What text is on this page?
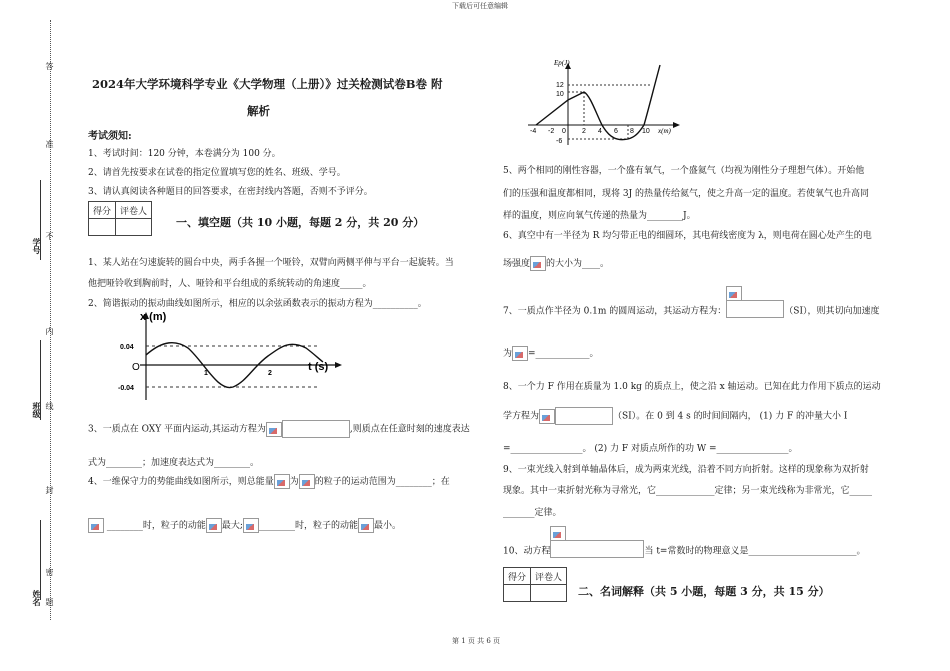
下载后可任意编辑
第 1 页 共 6 页
学号
班级
姓名
答
准
不
内
线
封
密
题
2024年大学环境科学专业《大学物理（上册）》过关检测试卷B卷 附
解析
考试须知:
1、考试时间：120 分钟，本卷满分为 100 分。
2、请首先按要求在试卷的指定位置填写您的姓名、班级、学号。
3、请认真阅读各种题目的回答要求，在密封线内答题，否则不予评分。
得分	评卷人

一、填空题（共 10 小题，每题 2 分，共 20 分）
1、某人站在匀速旋转的圆台中央，两手各握一个哑铃，双臂向两侧平伸与平台一起旋转。当
他把哑铃收到胸前时，人、哑铃和平台组成的系统转动的角速度_____。
2、简谐振动的振动曲线如图所示，相应的以余弦函数表示的振动方程为__________。
x (m)
t (s)
O
0.04
-0.04
1	2
3、一质点在 OXY 平面内运动,其运动方程为	,则质点在任意时刻的速度表达
式为________；加速度表达式为________。
4、一维保守力的势能曲线如图所示，则总能量 为 的粒子的运动范围为________；在
________时，粒子的动能 最大; ________时，粒子的动能 最小。
Ep(J)
x(m)
12
10
0
-6
-4 -2	2 4 6 8 10
5、两个相同的刚性容器，一个盛有氧气，一个盛氦气（均视为刚性分子理想气体）。开始他
们的压强和温度都相同，现将 3J 的热量传给氦气，使之升高一定的温度。若使氧气也升高同
样的温度，则应向氧气传递的热量为________J。
6、真空中有一半径为 R 均匀带正电的细圆环，其电荷线密度为 λ，则电荷在圆心处产生的电
场强度 的大小为____。
7、一质点作半径为 0.1m 的圆周运动，其运动方程为：	（SI），则其切向加速度
为 =____________。
8、一个力 F 作用在质量为 1.0 kg 的质点上，使之沿 x 轴运动。已知在此力作用下质点的运动
学方程为	（SI）。在 0 到 4 s 的时间间隔内， (1) 力 F 的冲量大小 I
=________________。 (2) 力 F 对质点所作的功 W =________________。
9、一束光线入射到单轴晶体后，成为两束光线，沿着不同方向折射。这样的现象称为双折射
现象。其中一束折射光称为寻常光，它_____________定律；另一束光线称为非常光，它_____
_______定律。
10、动方程	当 t=常数时的物理意义是________________________。
得分	评卷人

二、名词解释（共 5 小题，每题 3 分，共 15 分）
